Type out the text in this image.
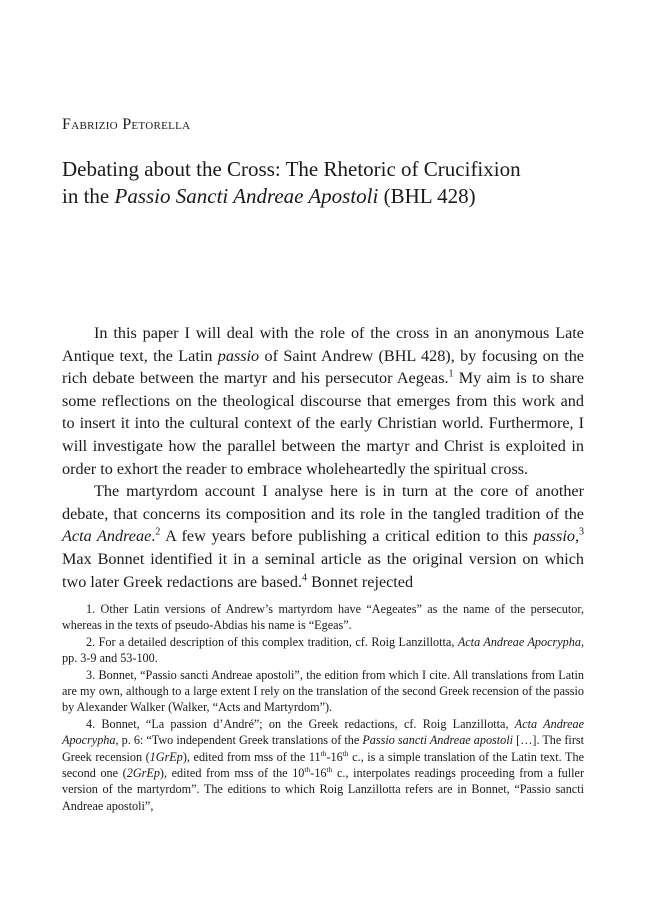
Fabrizio Petorella
Debating about the Cross: The Rhetoric of Crucifixion
in the Passio Sancti Andreae Apostoli (BHL 428)

In this paper I will deal with the role of the cross in an anonymous Late Antique text, the Latin passio of Saint Andrew (BHL 428), by focusing on the rich debate between the martyr and his persecutor Aegeas.$^1$ My aim is to share some reflections on the theological discourse that emerges from this work and to insert it into the cultural context of the early Christian world. Furthermore, I will investigate how the parallel between the martyr and Christ is exploited in order to exhort the reader to embrace wholeheartedly the spiritual cross.

The martyrdom account I analyse here is in turn at the core of another debate, that concerns its composition and its role in the tangled tradition of the Acta Andreae.$^2$ A few years before publishing a critical edition to this passio,$^3$ Max Bonnet identified it in a seminal article as the original version on which two later Greek redactions are based.$^4$ Bonnet rejected

1. Other Latin versions of Andrew’s martyrdom have “Aegeates” as the name of the persecutor, whereas in the texts of pseudo-Abdias his name is “Egeas”.

2. For a detailed description of this complex tradition, cf. Roig Lanzillotta, Acta Andreae Apocrypha, pp. 3-9 and 53-100.

3. Bonnet, “Passio sancti Andreae apostoli”, the edition from which I cite. All translations from Latin are my own, although to a large extent I rely on the translation of the second Greek recension of the passio by Alexander Walker (Walker, “Acts and Martyrdom”).

4. Bonnet, “La passion d’André”; on the Greek redactions, cf. Roig Lanzillotta, Acta Andreae Apocrypha, p. 6: “Two independent Greek translations of the Passio sancti Andreae apostoli […]. The first Greek recension (1GrEp), edited from mss of the 11th-16th c., is a simple translation of the Latin text. The second one (2GrEp), edited from mss of the 10th-16th c., interpolates readings proceeding from a fuller version of the martyrdom”. The editions to which Roig Lanzillotta refers are in Bonnet, “Passio sancti Andreae apostoli”,
